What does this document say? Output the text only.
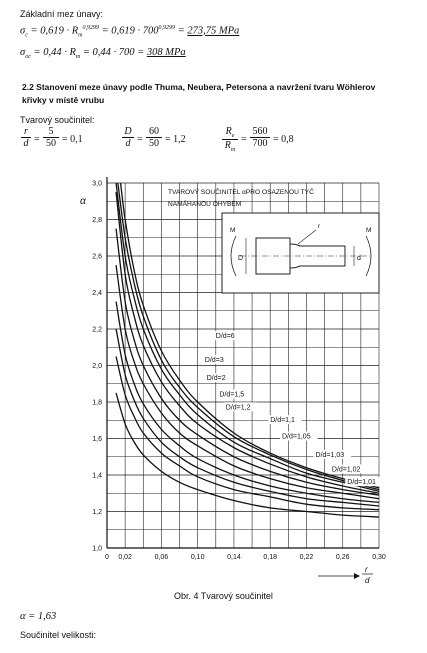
Základní mez únavy:
$\sigma_c = 0,619 \cdot R_m^{0,9299} = 0,619 \cdot 700^{0,9299} = 273,75$ MPa
$\sigma_{oc} = 0,44 \cdot R_m = 0,44 \cdot 700 = 308$ MPa
2.2 Stanovení meze únavy podle Thuma, Neubera, Petersona a navržení tvaru Wöhlerov
křivky v místě vrubu
Tvarový součinitel:
$\frac{r}{d} = \frac{5}{50} = 0,1$	$\frac{D}{d} = \frac{60}{50} = 1,2$	$\frac{R_e}{R_m} = \frac{560}{700} = 0,8$
1,0
1,2
1,4
1,6
1,8
2,0
2,2
2,4
2,6
2,8
3,0
0 0,02	0,06	0,10	0,14	0,18	0,22	0,26	0,30
D/d=6
D/d=3
D/d=2
D/d=1,5
D/d=1,2
D/d=1,1
D/d=1,05
D/d=1,03
D/d=1,02
D/d=1,01
TVAROVÝ SOUČINITEL αPRO OSAZENOU TYČ
NAMÁHANOU OHYBEM
D	d
M	M
r
α
r
d
Obr. 4 Tvarový součinitel
α = 1,63
Součinitel velikosti:
